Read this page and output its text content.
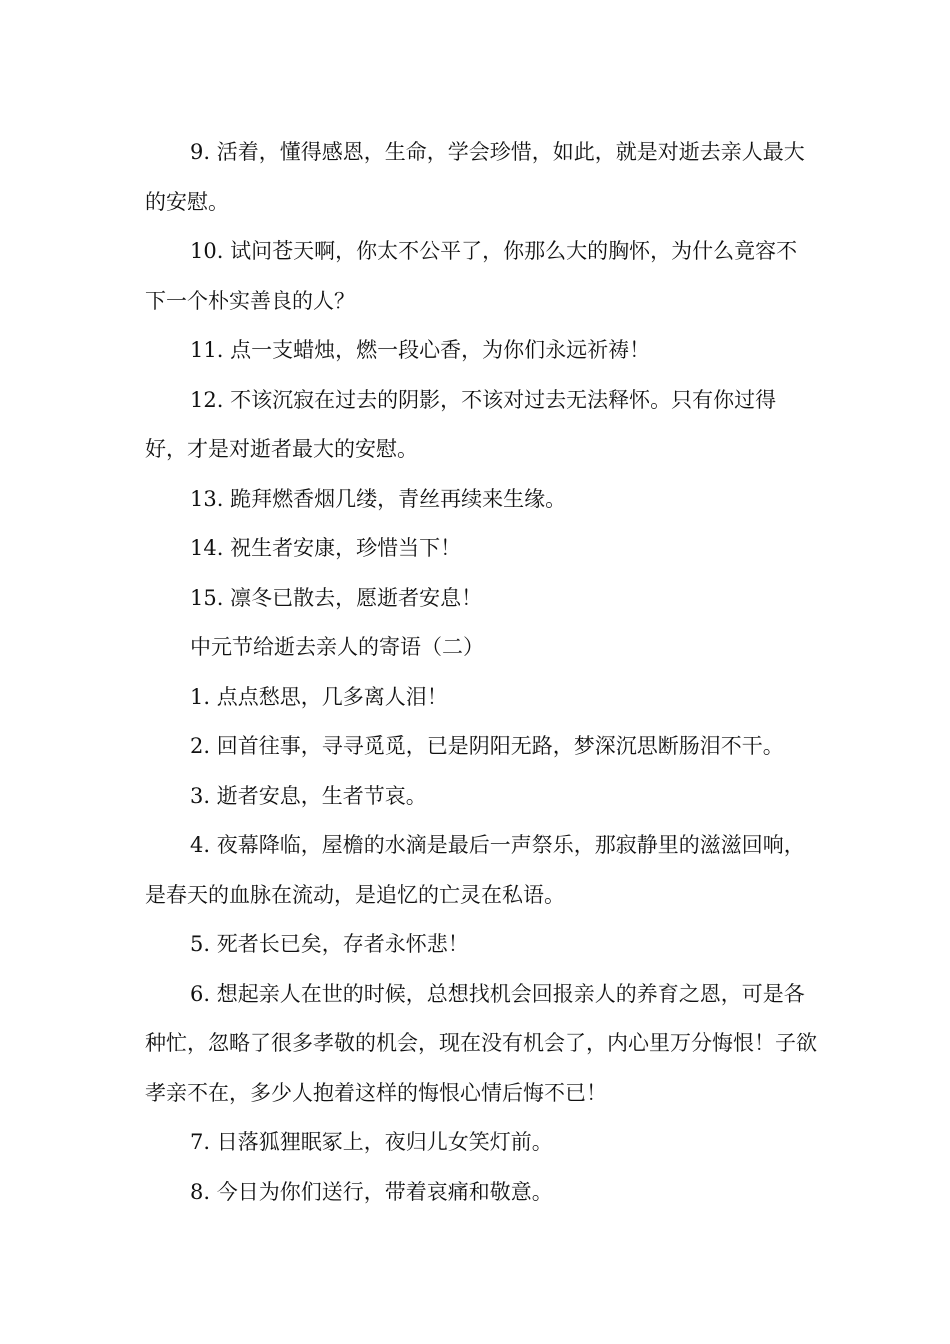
9. 活着，懂得感恩，生命，学会珍惜，如此，就是对逝去亲人最大的安慰。

10. 试问苍天啊，你太不公平了，你那么大的胸怀，为什么竟容不下一个朴实善良的人？

11. 点一支蜡烛，燃一段心香，为你们永远祈祷！

12. 不该沉寂在过去的阴影，不该对过去无法释怀。只有你过得好，才是对逝者最大的安慰。

13. 跪拜燃香烟几缕，青丝再续来生缘。

14. 祝生者安康，珍惜当下！

15. 凛冬已散去，愿逝者安息！

中元节给逝去亲人的寄语（二）

1. 点点愁思，几多离人泪！

2. 回首往事，寻寻觅觅，已是阴阳无路，梦深沉思断肠泪不干。

3. 逝者安息，生者节哀。

4. 夜幕降临，屋檐的水滴是最后一声祭乐，那寂静里的滋滋回响，是春天的血脉在流动，是追忆的亡灵在私语。

5. 死者长已矣，存者永怀悲！

6. 想起亲人在世的时候，总想找机会回报亲人的养育之恩，可是各种忙，忽略了很多孝敬的机会，现在没有机会了，内心里万分悔恨！子欲孝亲不在，多少人抱着这样的悔恨心情后悔不已！

7. 日落狐狸眠冢上，夜归儿女笑灯前。

8. 今日为你们送行，带着哀痛和敬意。
